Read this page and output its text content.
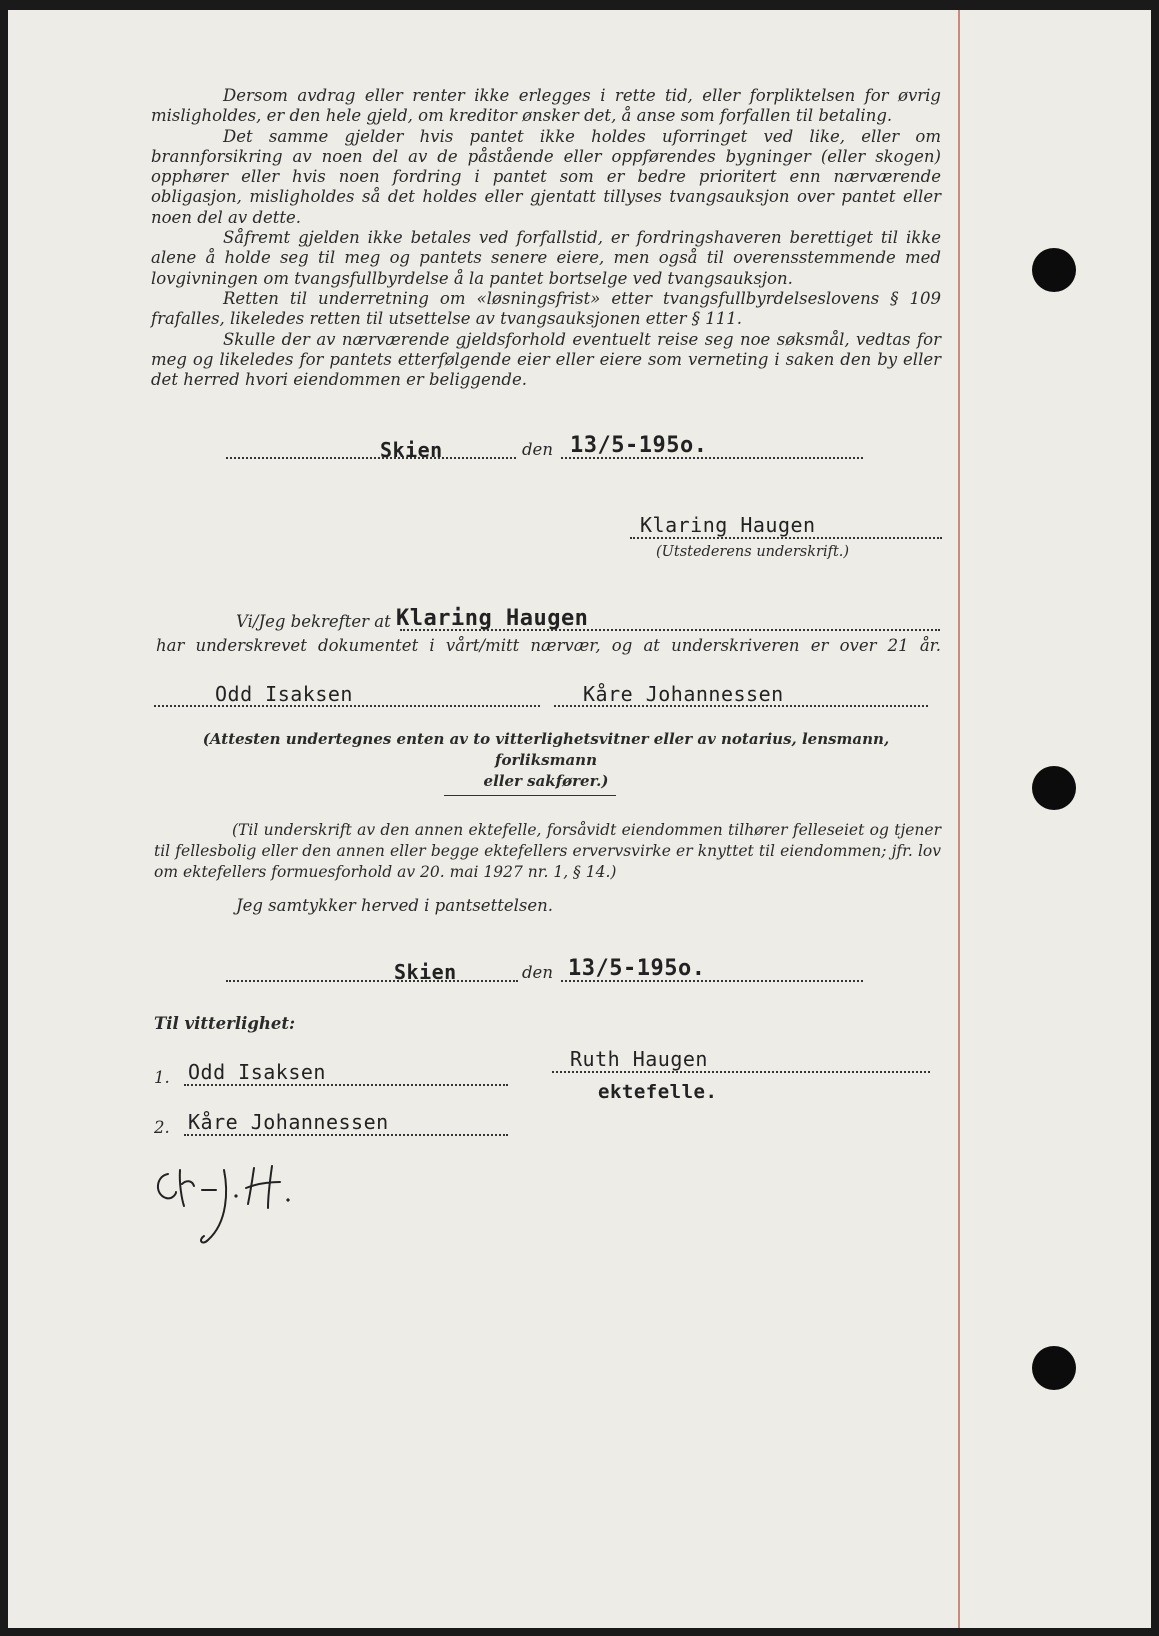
Dersom avdrag eller renter ikke erlegges i rette tid, eller forpliktelsen for øvrig misligholdes, er den hele gjeld, om kreditor ønsker det, å anse som forfallen til betaling.

Det samme gjelder hvis pantet ikke holdes uforringet ved like, eller om brannforsikring av noen del av de påstående eller oppførendes bygninger (eller skogen) opphører eller hvis noen fordring i pantet som er bedre prioritert enn nærværende obligasjon, misligholdes så det holdes eller gjentatt tillyses tvangsauksjon over pantet eller noen del av dette.

Såfremt gjelden ikke betales ved forfallstid, er fordringshaveren berettiget til ikke alene å holde seg til meg og pantets senere eiere, men også til overensstemmende med lovgivningen om tvangsfullbyrdelse å la pantet bortselge ved tvangsauksjon.

Retten til underretning om «løsningsfrist» etter tvangsfullbyrdelseslovens § 109 frafalles, likeledes retten til utsettelse av tvangsauksjonen etter § 111.

Skulle der av nærværende gjeldsforhold eventuelt reise seg noe søksmål, vedtas for meg og likeledes for pantets etterfølgende eier eller eiere som verneting i saken den by eller det herred hvori eiendommen er beliggende.

Skien	den 13/5-195o.
Klaring Haugen
(Utstederens underskrift.)
Vi/Jeg bekrefter at Klaring Haugen
har underskrevet dokumentet i vårt/mitt nærvær, og at underskriveren er over 21 år.
Odd Isaksen	Kåre Johannessen
(Attesten undertegnes enten av to vitterlighetsvitner eller av notarius, lensmann, forliksmann
eller sakfører.)
(Til underskrift av den annen ektefelle, forsåvidt eiendommen tilhører felleseiet og tjener til fellesbolig eller den annen eller begge ektefellers ervervsvirke er knyttet til eiendommen; jfr. lov om ektefellers formuesforhold av 20. mai 1927 nr. 1, § 14.)
Jeg samtykker herved i pantsettelsen.
Skien	den 13/5-195o.
Til vitterlighet:
1. Odd Isaksen
2. Kåre Johannessen
Ruth Haugen
ektefelle.
